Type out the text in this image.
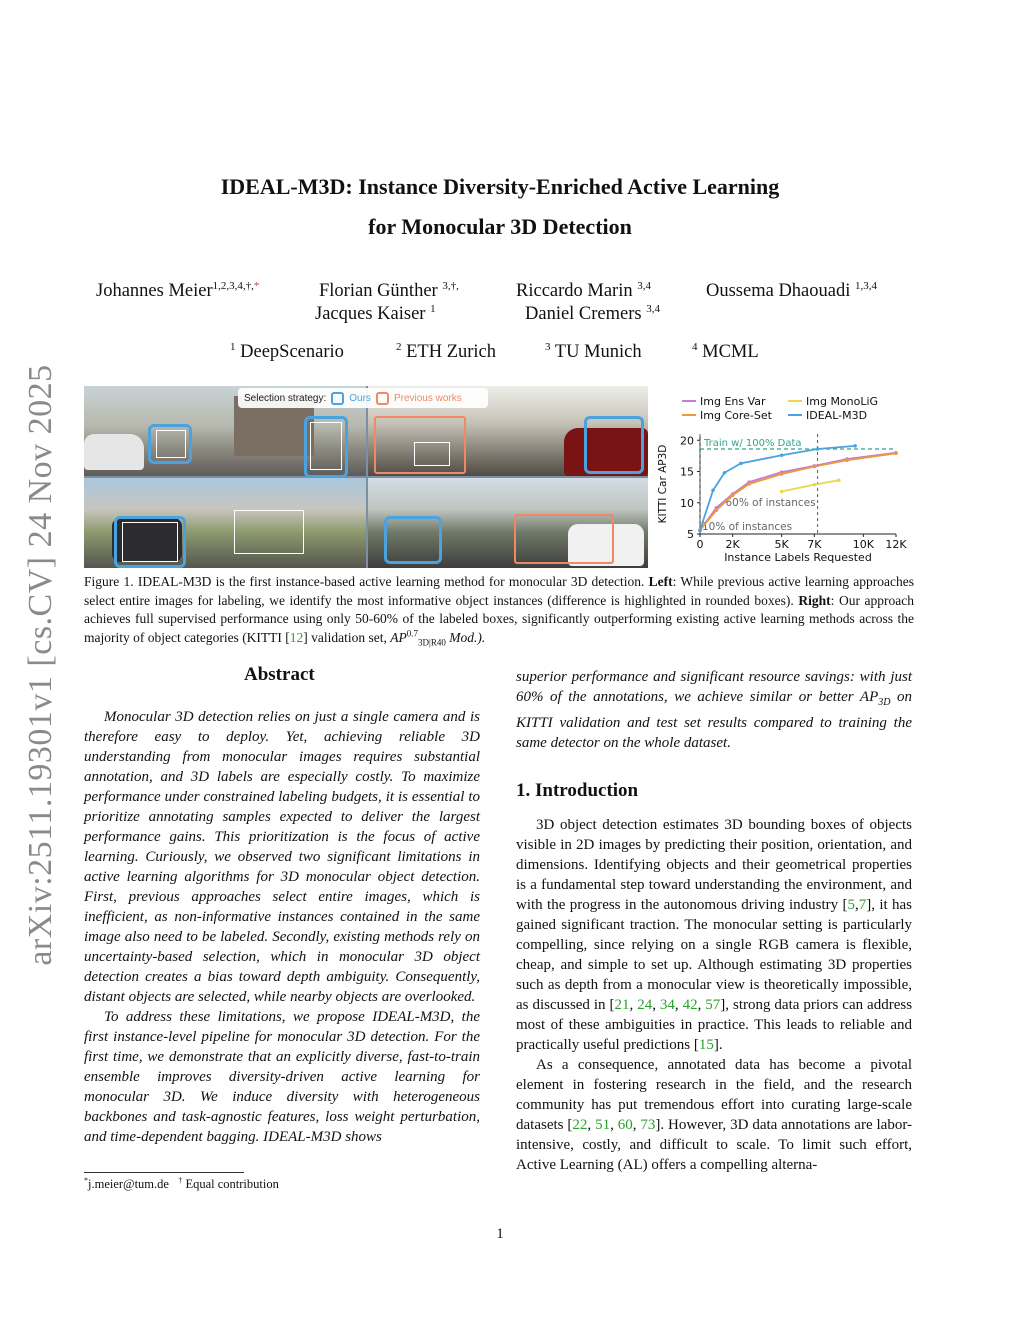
arXiv:2511.19301v1 [cs.CV] 24 Nov 2025
IDEAL-M3D: Instance Diversity-Enriched Active Learning
for Monocular 3D Detection
Johannes Meier$^{1,2,3,4,\dagger,*}$	Florian Günther $^{3,\dagger,}$	Riccardo Marin $^{3,4}$	Oussema Dhaouadi $^{1,3,4}$
Jacques Kaiser $^1$	Daniel Cremers $^{3,4}$
$^1$ DeepScenario	$^2$ ETH Zurich	$^3$ TU Munich	$^4$ MCML
Selection strategy: Ours Previous works
5
10
15
20
0 2K	5K 7K	10K 12K
Instance Labels Requested
KITTI Car AP3D
Train w/ 100% Data
10% of instances
60% of instances
Img Ens Var	Img MonoLiG
Img Core-Set	IDEAL-M3D
Figure 1. IDEAL-M3D is the first instance-based active learning method for monocular 3D detection. Left: While previous active learning approaches select entire images for labeling, we identify the most informative object instances (difference is highlighted in rounded boxes). Right: Our approach achieves full supervised performance using only 50-60% of the labeled boxes, significantly outperforming existing active learning methods across the majority of object categories (KITTI [12] validation set, $AP^{0.7}_{3D|R40}$ Mod.).
Abstract

Monocular 3D detection relies on just a single camera and is therefore easy to deploy. Yet, achieving reliable 3D understanding from monocular images requires substantial annotation, and 3D labels are especially costly. To maximize performance under constrained labeling budgets, it is essential to prioritize annotating samples expected to deliver the largest performance gains. This prioritization is the focus of active learning. Curiously, we observed two significant limitations in active learning algorithms for 3D monocular object detection. First, previous approaches select entire images, which is inefficient, as non-informative instances contained in the same image also need to be labeled. Secondly, existing methods rely on uncertainty-based selection, which in monocular 3D object detection creates a bias toward depth ambiguity. Consequently, distant objects are selected, while nearby objects are overlooked.

To address these limitations, we propose IDEAL-M3D, the first instance-level pipeline for monocular 3D detection. For the first time, we demonstrate that an explicitly diverse, fast-to-train ensemble improves diversity-driven active learning for monocular 3D. We induce diversity with heterogeneous backbones and task-agnostic features, loss weight perturbation, and time-dependent bagging. IDEAL-M3D shows

superior performance and significant resource savings: with just 60% of the annotations, we achieve similar or better $AP_{3D}$ on KITTI validation and test set results compared to training the same detector on the whole dataset.

1. Introduction

3D object detection estimates 3D bounding boxes of objects visible in 2D images by predicting their position, orientation, and dimensions. Identifying objects and their geometrical properties is a fundamental step toward understanding the environment, and with the progress in the autonomous driving industry [5,7], it has gained significant traction. The monocular setting is particularly compelling, since relying on a single RGB camera is flexible, cheap, and simple to set up. Although estimating 3D properties such as depth from a monocular view is theoretically impossible, as discussed in [21, 24, 34, 42, 57], strong data priors can address most of these ambiguities in practice. This leads to reliable and practically useful predictions [15].

As a consequence, annotated data has become a pivotal element in fostering research in the field, and the research community has put tremendous effort into curating large-scale datasets [22, 51, 60, 73]. However, 3D data annotations are labor-intensive, costly, and difficult to scale. To limit such effort, Active Learning (AL) offers a compelling alterna-

*j.meier@tum.de † Equal contribution
1
